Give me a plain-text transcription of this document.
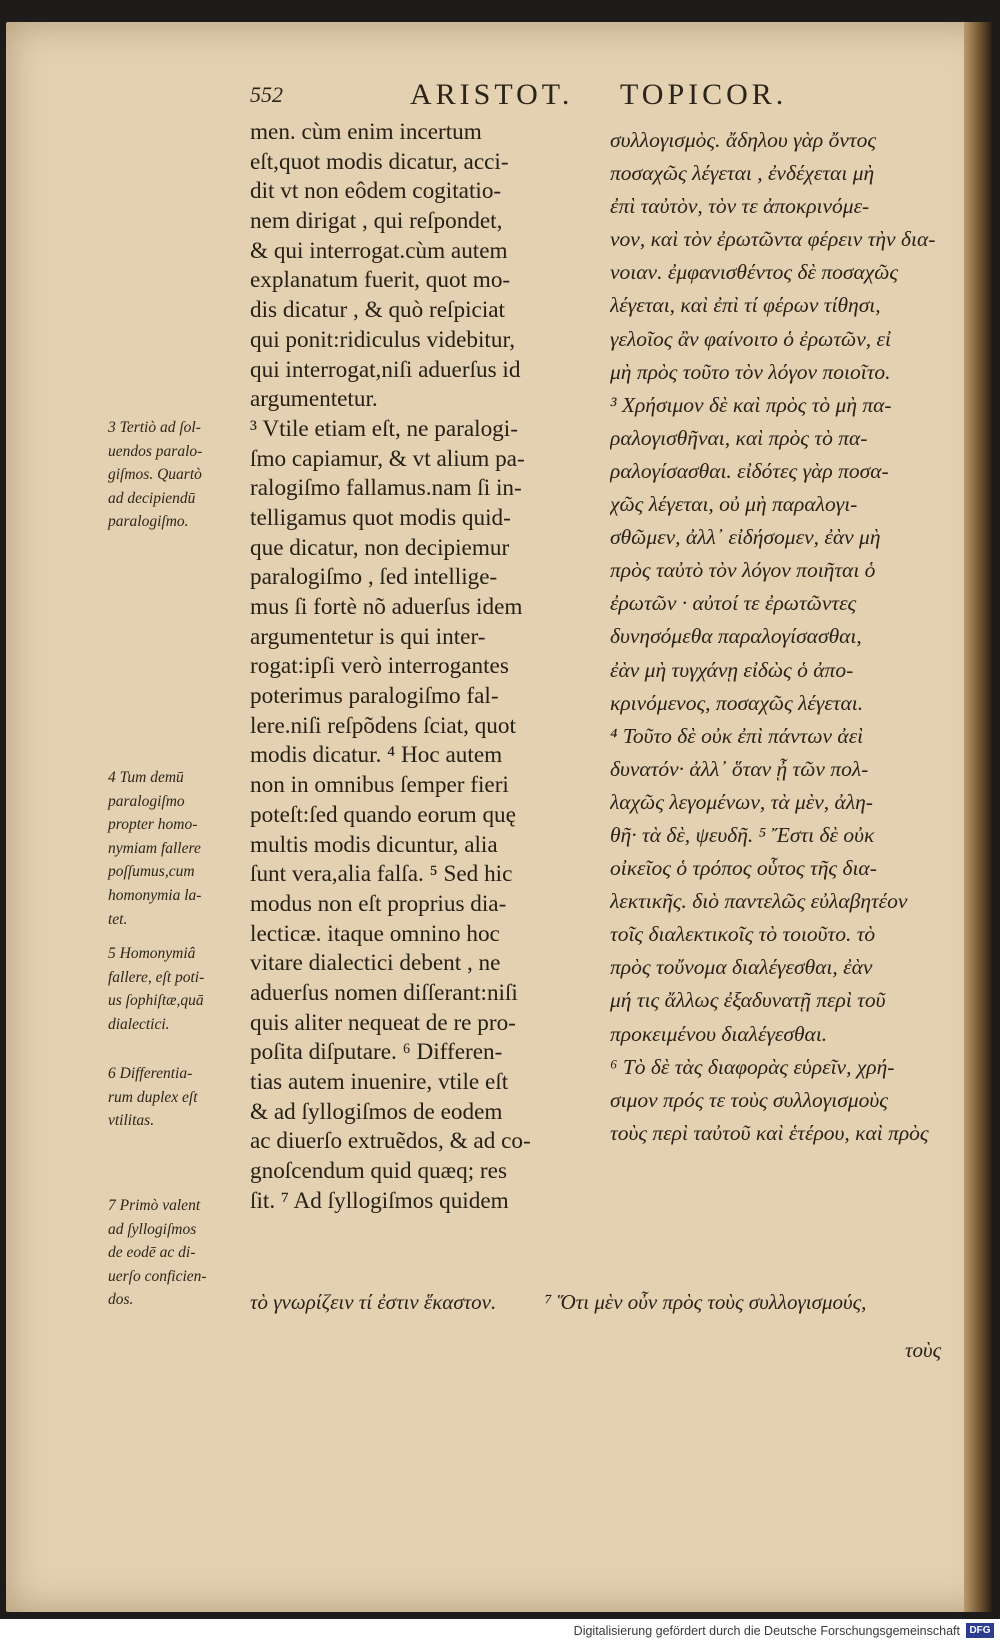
552	ARISTOT. TOPICOR.
men. cùm enim incertum
eſt,quot modis dicatur, acci-
dit vt non eôdem cogitatio-
nem dirigat , qui reſpondet,
& qui interrogat.cùm autem
explanatum fuerit, quot mo-
dis dicatur , & quò reſpiciat
qui ponit:ridiculus videbitur,
qui interrogat,niſi aduerſus id
argumentetur.
³ Vtile etiam eſt, ne paralogi-
ſmo capiamur, & vt alium pa-
ralogiſmo fallamus.nam ſi in-
telligamus quot modis quid-
que dicatur, non decipiemur
paralogiſmo , ſed intellige-
mus ſi fortè nõ aduerſus idem
argumentetur is qui inter-
rogat:ipſi verò interrogantes
poterimus paralogiſmo fal-
lere.niſi reſpõdens ſciat, quot
modis dicatur. ⁴ Hoc autem
non in omnibus ſemper fieri
poteſt:ſed quando eorum quę
multis modis dicuntur, alia
ſunt vera,alia falſa. ⁵ Sed hic
modus non eſt proprius dia-
lecticæ. itaque omnino hoc
vitare dialectici debent , ne
aduerſus nomen diſſerant:niſi
quis aliter nequeat de re pro-
poſita diſputare. ⁶ Differen-
tias autem inuenire, vtile eſt
& ad ſyllogiſmos de eodem
ac diuerſo extruẽdos, & ad co-
gnoſcendum quid quæq; res
ſit. ⁷ Ad ſyllogiſmos quidem
συλλογισμὸς. ἄδηλου γὰρ ὄντος
ποσαχῶς λέγεται , ἐνδέχεται μὴ
ἐπὶ ταὐτὸν, τὸν τε ἀποκρινόμε-
νον, καὶ τὸν ἐρωτῶντα φέρειν τὴν δια-
νοιαν. ἐμφανισθέντος δὲ ποσαχῶς
λέγεται, καὶ ἐπὶ τί φέρων τίθησι,
γελοῖος ἂν φαίνοιτο ὁ ἐρωτῶν, εἰ
μὴ πρὸς τοῦτο τὸν λόγον ποιοῖτο.
³ Χρήσιμον δὲ καὶ πρὸς τὸ μὴ πα-
ραλογισθῆναι, καὶ πρὸς τὸ πα-
ραλογίσασθαι. εἰδότες γὰρ ποσα-
χῶς λέγεται, οὐ μὴ παραλογι-
σθῶμεν, ἀλλ᾽ εἰδήσομεν, ἐὰν μὴ
πρὸς ταὐτὸ τὸν λόγον ποιῆται ὁ
ἐρωτῶν · αὐτοί τε ἐρωτῶντες
δυνησόμεθα παραλογίσασθαι,
ἐὰν μὴ τυγχάνῃ εἰδὼς ὁ ἀπο-
κρινόμενος, ποσαχῶς λέγεται.
⁴ Τοῦτο δὲ οὐκ ἐπὶ πάντων ἀεὶ
δυνατόν· ἀλλ᾽ ὅταν ᾖ τῶν πολ-
λαχῶς λεγομένων, τὰ μὲν, ἀλη-
θῆ· τὰ δὲ, ψευδῆ. ⁵ Ἔστι δὲ οὐκ
οἰκεῖος ὁ τρόπος οὗτος τῆς δια-
λεκτικῆς. διὸ παντελῶς εὐλαβητέον
τοῖς διαλεκτικοῖς τὸ τοιοῦτο. τὸ
πρὸς τοὔνομα διαλέγεσθαι, ἐὰν
μή τις ἄλλως ἐξαδυνατῇ περὶ τοῦ
προκειμένου διαλέγεσθαι.
⁶ Τὸ δὲ τὰς διαφορὰς εὑρεῖν, χρή-
σιμον πρός τε τοὺς συλλογισμοὺς
τοὺς περὶ ταὐτοῦ καὶ ἑτέρου, καὶ πρὸς
τὸ γνωρίζειν τί ἐστιν ἕκαστον.	⁷ Ὅτι μὲν οὖν πρὸς τοὺς συλλογισμούς,
τοὺς
3 Tertiò ad ſol-
uendos paralo-
giſmos. Quartò
ad decipiendū
paralogiſmo.
4 Tum demū
paralogiſmo
propter homo-
nymiam fallere
poſſumus,cum
homonymia la-
tet.
5 Homonymiâ
fallere, eſt poti-
us ſophiſtæ,quā
dialectici.
6 Differentia-
rum duplex eſt
vtilitas.
7 Primò valent
ad ſyllogiſmos
de eodē ac di-
uerſo conficien-
dos.
Digitalisierung gefördert durch die Deutsche Forschungsgemeinschaft DFG
